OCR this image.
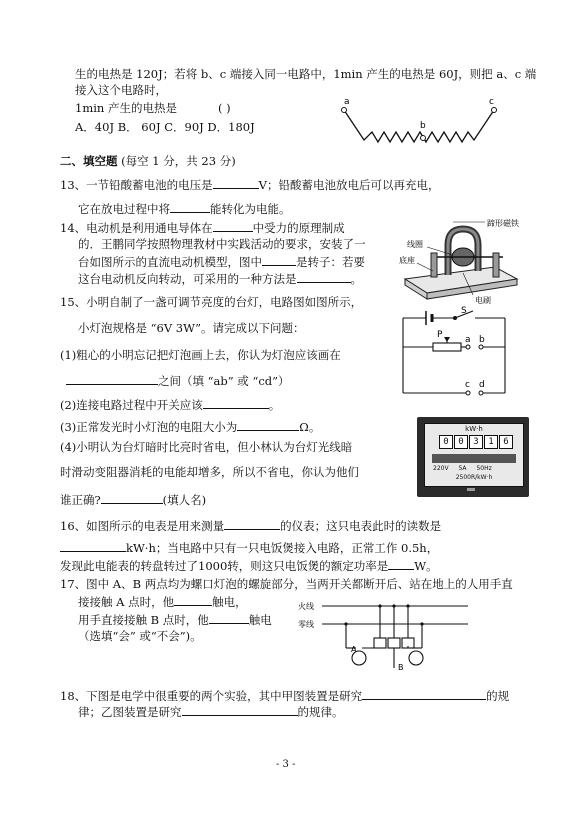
生的电热是 120J；若将 b、c 端接入同一电路中，1min 产生的电热是 60J，则把 a、c 端
接入这个电路时，
1min 产生的电热是	( )
A．40J B． 60J C．90J D．180J
a
b
c
二、填空题 (每空 1 分，共 23 分)
13、一节铅酸蓄电池的电压是	V；铅酸蓄电池放电后可以再充电，
它在放电过程中将	能转化为电能。
14、电动机是利用通电导体在	中受力的原理制成
的．王鹏同学按照物理教材中实践活动的要求，安装了一
台如图所示的直流电动机模型，图中	是转子：若要
这台电动机反向转动，可采用的一种方法是	。
蹄形磁铁
线圈
底座
电刷
15、小明自制了一盏可调节亮度的台灯，电路图如图所示，
小灯泡规格是 “6V 3W”。请完成以下问题：
(1)粗心的小明忘记把灯泡画上去，你认为灯泡应该画在
之间（填 “ab” 或 “cd”）
(2)连接电路过程中开关应该	。
(3)正常发光时小灯泡的电阻大小为	Ω。
(4)小明认为台灯暗时比亮时省电，但小林认为台灯光线暗
时滑动变阻器消耗的电能却增多，所以不省电，你认为他们
谁正确?	(填人名)
S
P	a b
c d
kW·h
0	0	3	1	6
220V 5A 50Hz
2500R/kW·h
16、如图所示的电表是用来测量	的仪表；这只电表此时的读数是
kW·h；当电路中只有一只电饭煲接入电路，正常工作 0.5h，
发现此电能表的转盘转过了1000转，则这只电饭煲的额定功率是 W。
17、图中 A、B 两点均为螺口灯泡的螺旋部分，当两开关都断开后、站在地上的人用手直
接接触 A 点时，他	触电，
用手直接接触 B 点时，他	触电
（选填“会” 或“不会”)。
火线
零线
A
B
18、下图是电学中很重要的两个实验，其中甲图装置是研究	的规
律；乙图装置是研究	的规律。
- 3 -
